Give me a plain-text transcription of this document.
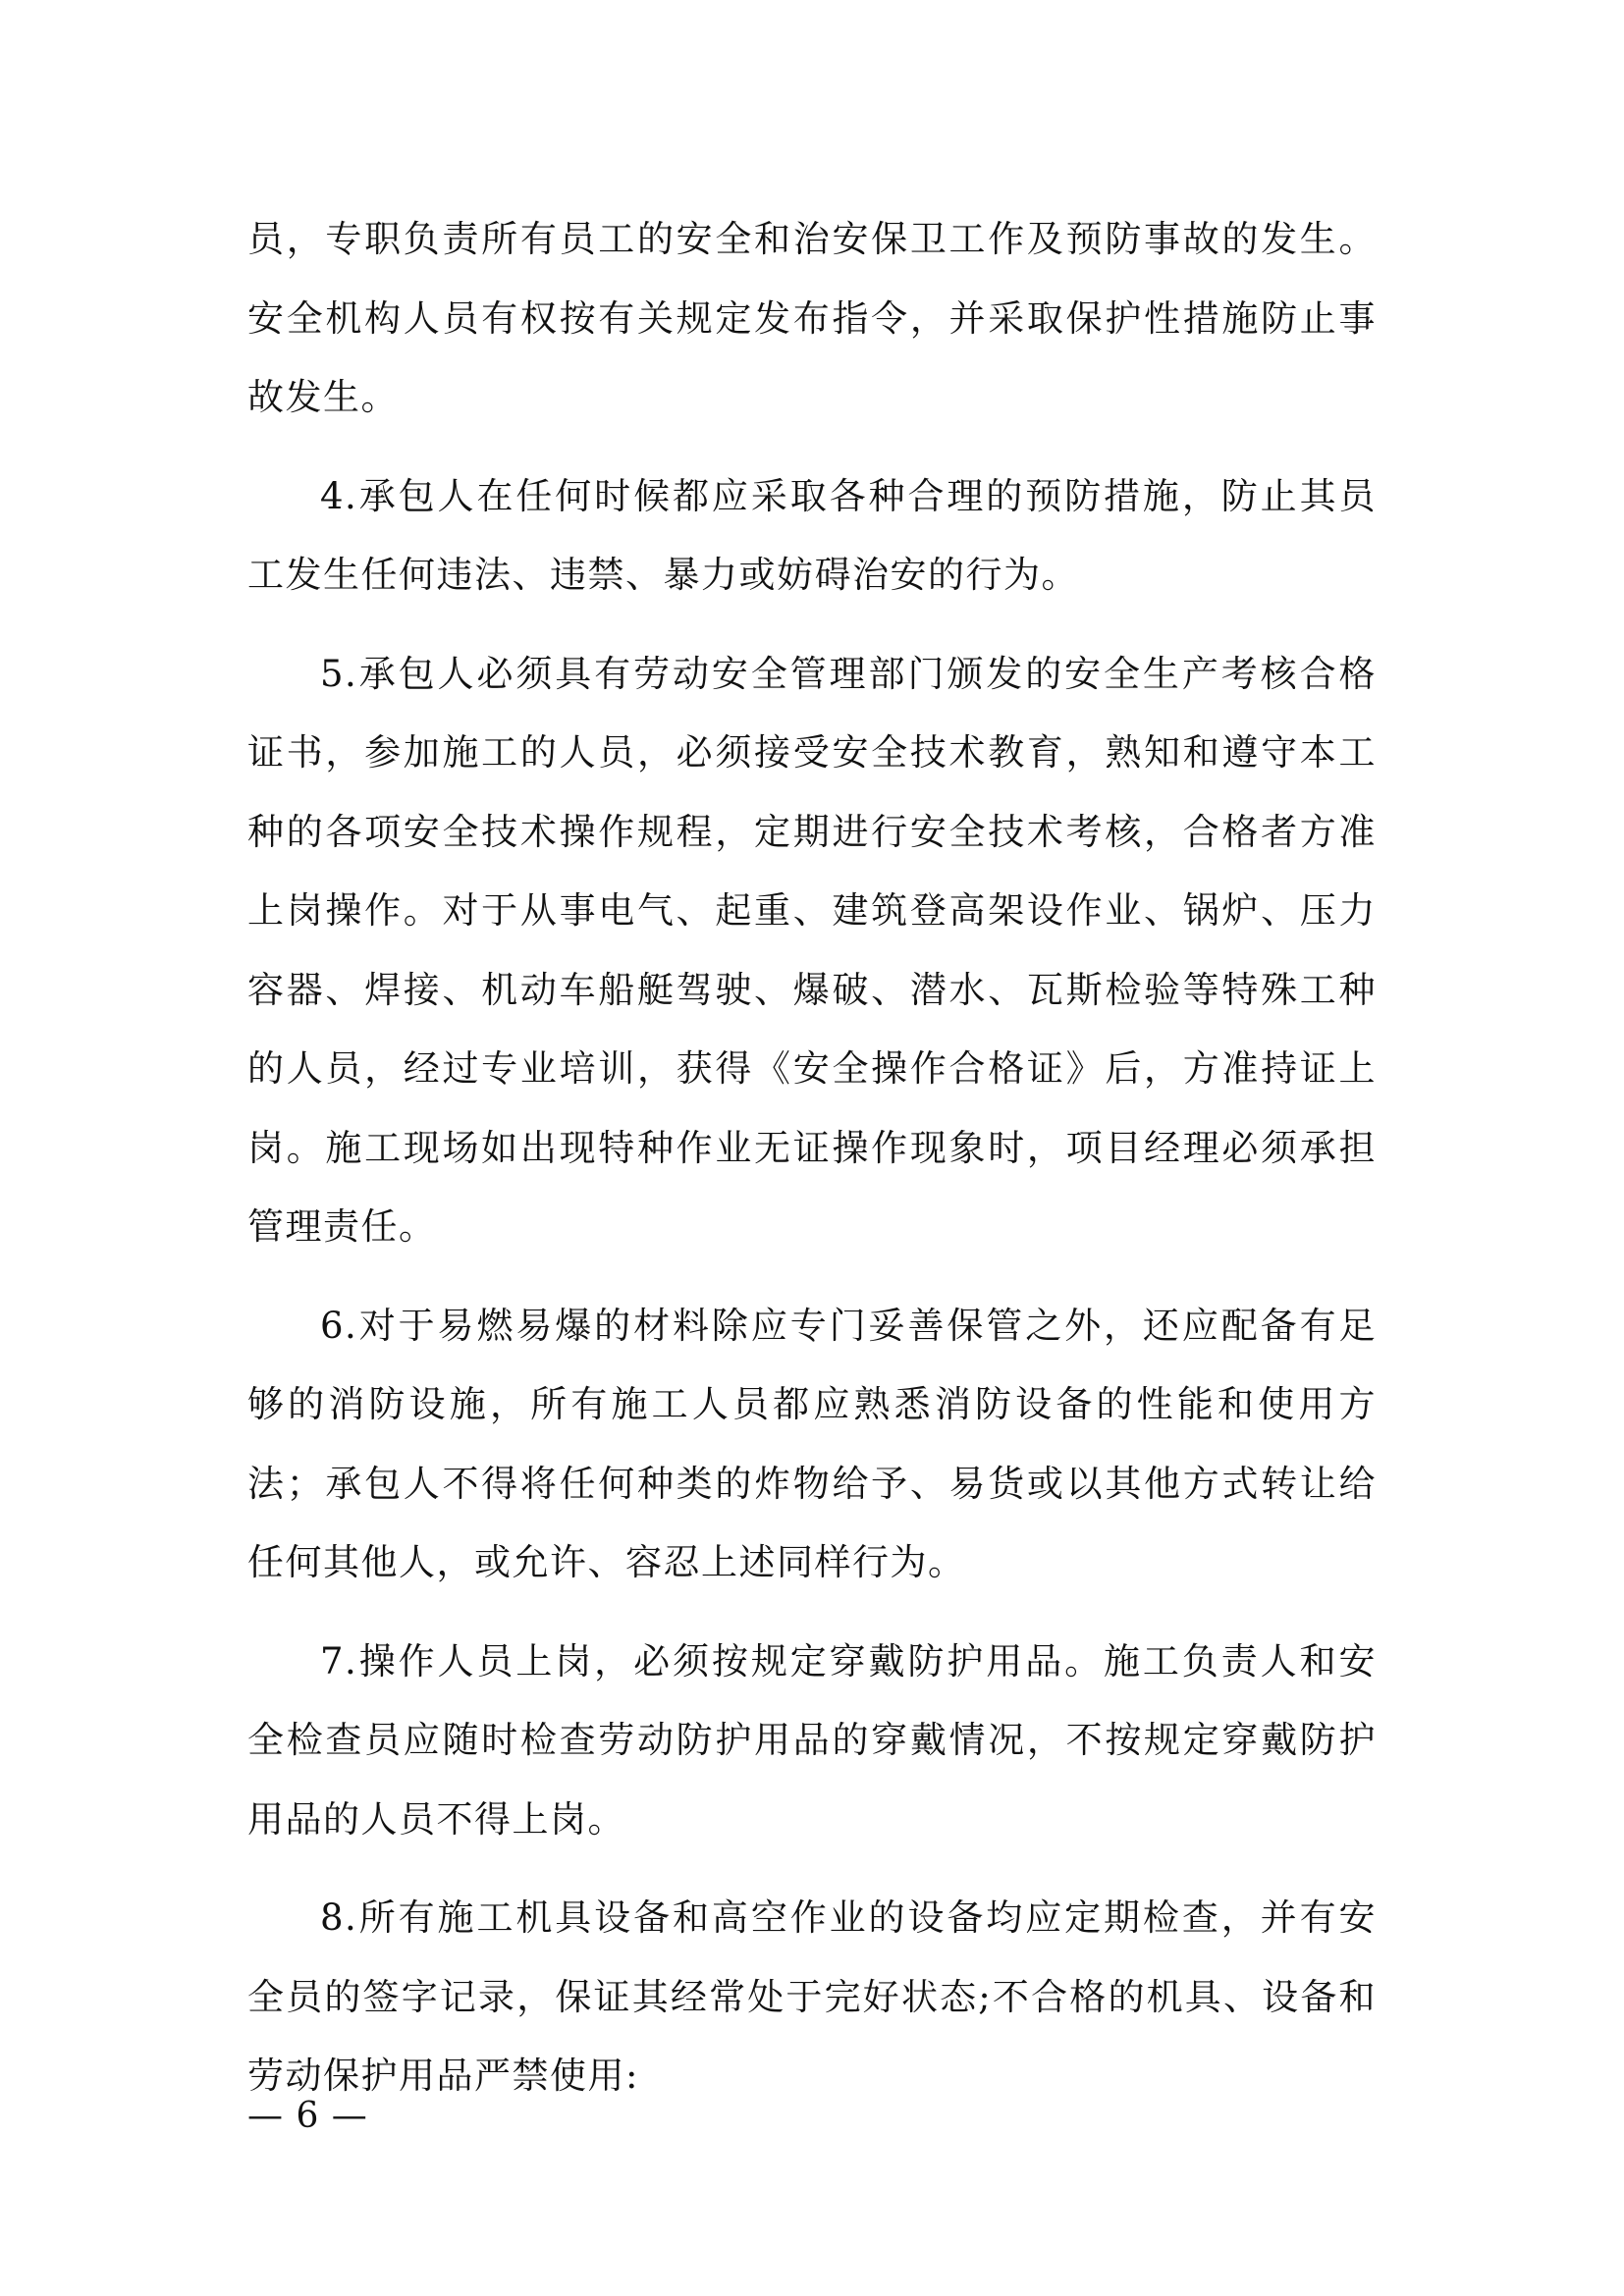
员，专职负责所有员工的安全和治安保卫工作及预防事故的发生。安全机构人员有权按有关规定发布指令，并采取保护性措施防止事故发生。

4.承包人在任何时候都应采取各种合理的预防措施，防止其员工发生任何违法、违禁、暴力或妨碍治安的行为。

5.承包人必须具有劳动安全管理部门颁发的安全生产考核合格证书，参加施工的人员，必须接受安全技术教育，熟知和遵守本工种的各项安全技术操作规程，定期进行安全技术考核，合格者方准上岗操作。对于从事电气、起重、建筑登高架设作业、锅炉、压力容器、焊接、机动车船艇驾驶、爆破、潜水、瓦斯检验等特殊工种的人员，经过专业培训，获得《安全操作合格证》后，方准持证上岗。施工现场如出现特种作业无证操作现象时，项目经理必须承担管理责任。

6.对于易燃易爆的材料除应专门妥善保管之外，还应配备有足够的消防设施，所有施工人员都应熟悉消防设备的性能和使用方法；承包人不得将任何种类的炸物给予、易货或以其他方式转让给任何其他人，或允许、容忍上述同样行为。

7.操作人员上岗，必须按规定穿戴防护用品。施工负责人和安全检查员应随时检查劳动防护用品的穿戴情况，不按规定穿戴防护用品的人员不得上岗。

8.所有施工机具设备和高空作业的设备均应定期检查，并有安全员的签字记录，保证其经常处于完好状态;不合格的机具、设备和劳动保护用品严禁使用:

— 6 —
